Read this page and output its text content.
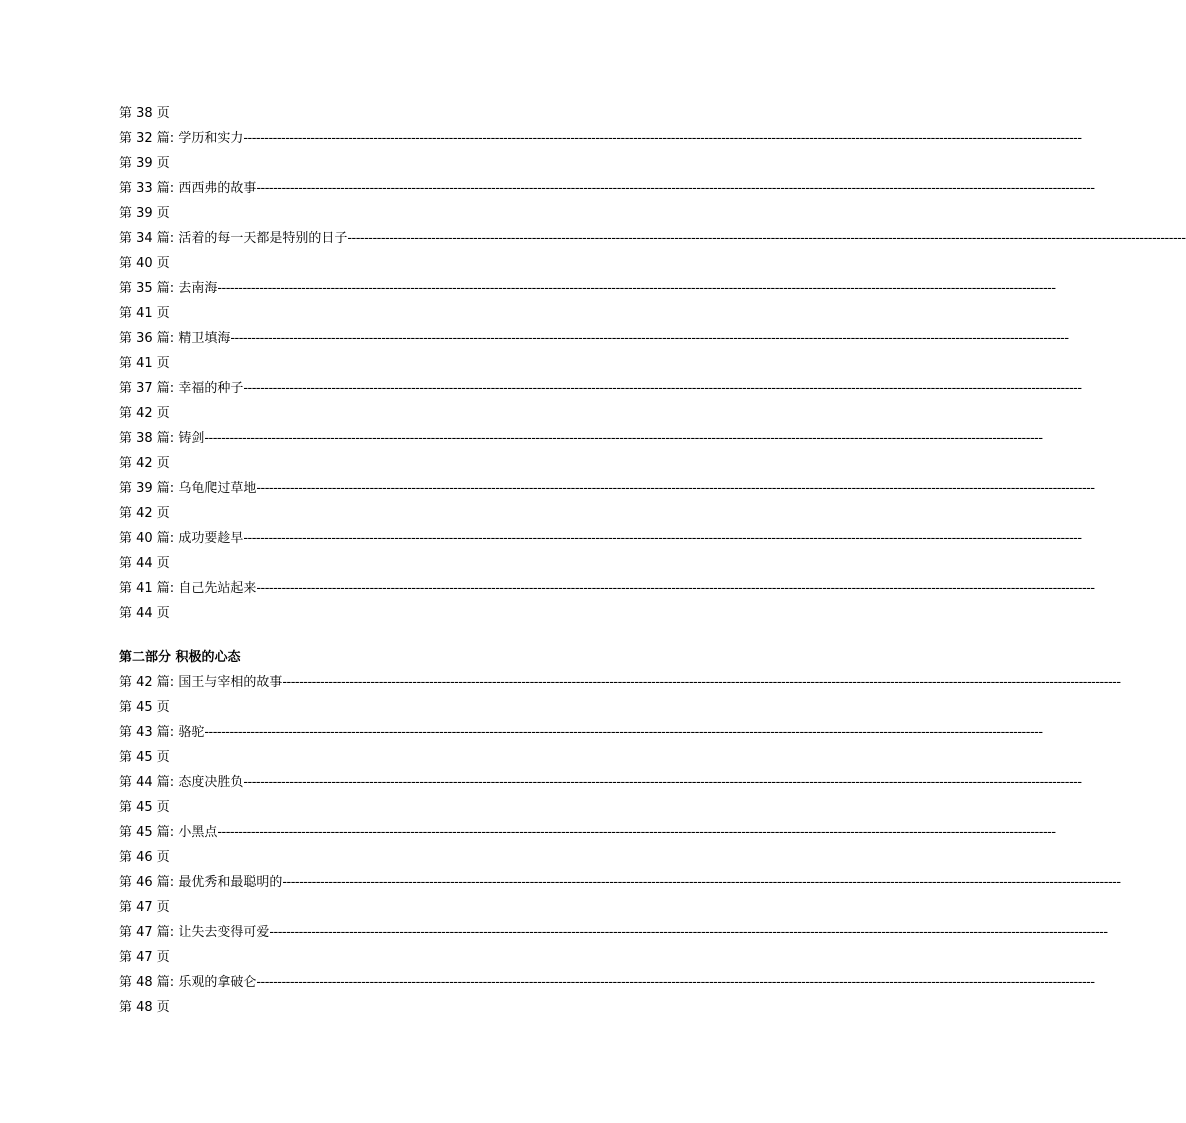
第 38 页
第 32 篇: 学历和实力 --------------------------------------------------------------------------------------------------------------------------------------------------------------------------------------------------------
第 39 页
第 33 篇: 西西弗的故事 --------------------------------------------------------------------------------------------------------------------------------------------------------------------------------------------------------
第 39 页
第 34 篇: 活着的每一天都是特别的日子 --------------------------------------------------------------------------------------------------------------------------------------------------------------------------------------------------------
第 40 页
第 35 篇: 去南海 --------------------------------------------------------------------------------------------------------------------------------------------------------------------------------------------------------
第 41 页
第 36 篇: 精卫填海 --------------------------------------------------------------------------------------------------------------------------------------------------------------------------------------------------------
第 41 页
第 37 篇: 幸福的种子 --------------------------------------------------------------------------------------------------------------------------------------------------------------------------------------------------------
第 42 页
第 38 篇: 铸剑 --------------------------------------------------------------------------------------------------------------------------------------------------------------------------------------------------------
第 42 页
第 39 篇: 乌龟爬过草地 --------------------------------------------------------------------------------------------------------------------------------------------------------------------------------------------------------
第 42 页
第 40 篇: 成功要趁早 --------------------------------------------------------------------------------------------------------------------------------------------------------------------------------------------------------
第 44 页
第 41 篇: 自己先站起来 --------------------------------------------------------------------------------------------------------------------------------------------------------------------------------------------------------
第 44 页
第二部分 积极的心态
第 42 篇: 国王与宰相的故事 --------------------------------------------------------------------------------------------------------------------------------------------------------------------------------------------------------
第 45 页
第 43 篇: 骆驼 --------------------------------------------------------------------------------------------------------------------------------------------------------------------------------------------------------
第 45 页
第 44 篇: 态度决胜负 --------------------------------------------------------------------------------------------------------------------------------------------------------------------------------------------------------
第 45 页
第 45 篇: 小黑点 --------------------------------------------------------------------------------------------------------------------------------------------------------------------------------------------------------
第 46 页
第 46 篇: 最优秀和最聪明的 --------------------------------------------------------------------------------------------------------------------------------------------------------------------------------------------------------
第 47 页
第 47 篇: 让失去变得可爱 --------------------------------------------------------------------------------------------------------------------------------------------------------------------------------------------------------
第 47 页
第 48 篇: 乐观的拿破仑 --------------------------------------------------------------------------------------------------------------------------------------------------------------------------------------------------------
第 48 页
